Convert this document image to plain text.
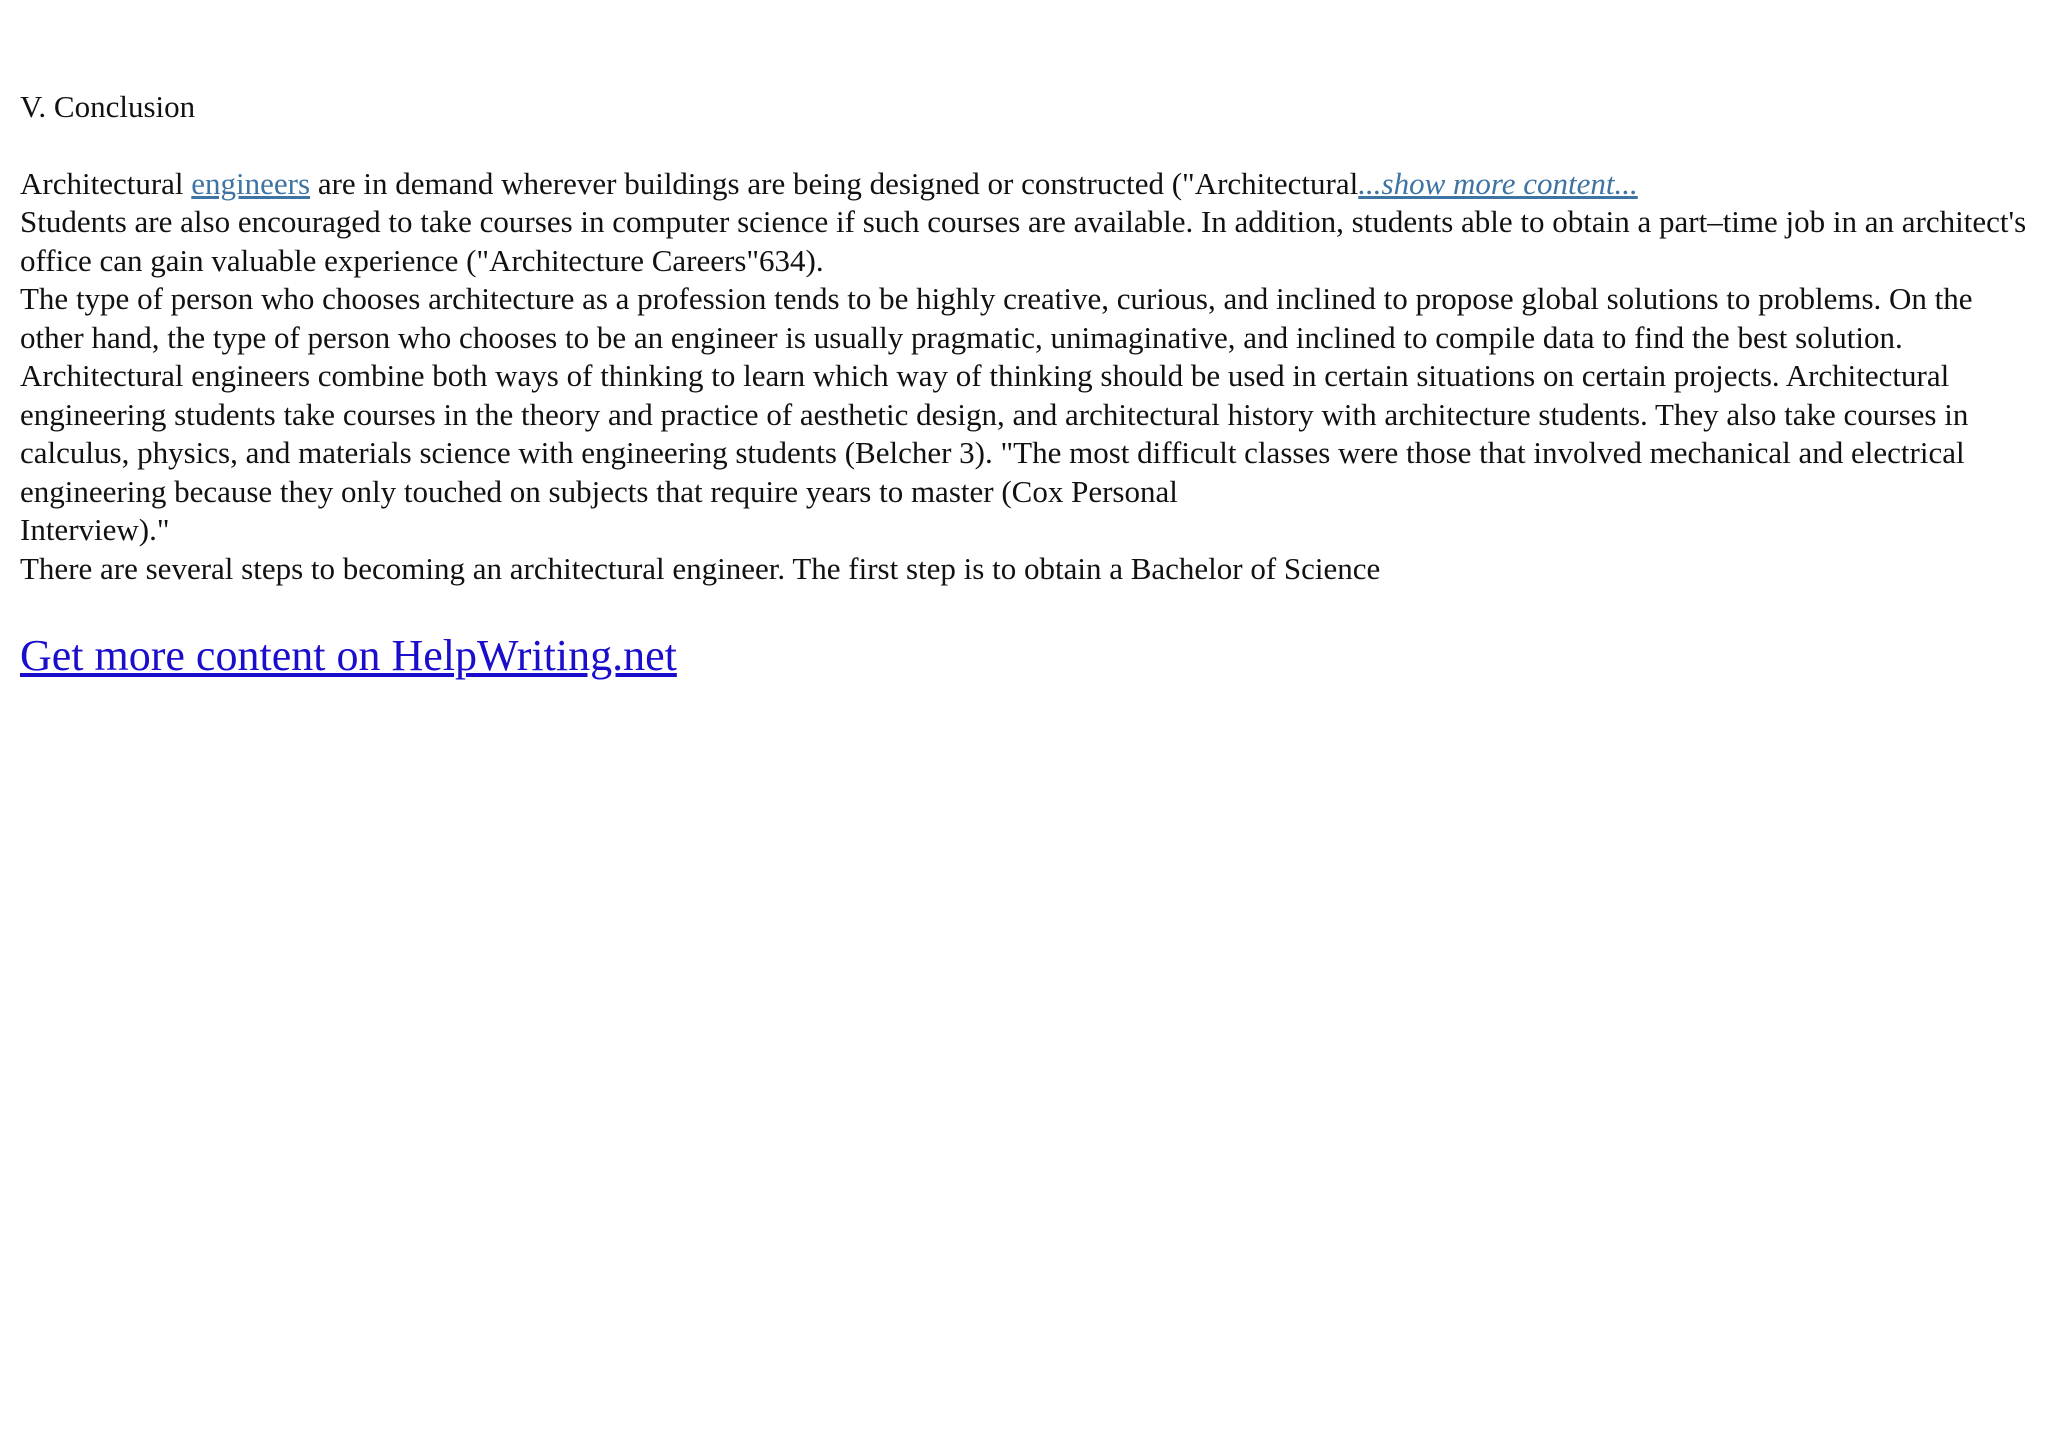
V. Conclusion
Architectural engineers are in demand wherever buildings are being designed or constructed ("Architectural...show more content...
Students are also encouraged to take courses in computer science if such courses are available. In addition, students able to obtain a part–time job in an architect's office can gain valuable experience ("Architecture Careers"634).
The type of person who chooses architecture as a profession tends to be highly creative, curious, and inclined to propose global solutions to problems. On the other hand, the type of person who chooses to be an engineer is usually pragmatic, unimaginative, and inclined to compile data to find the best solution. Architectural engineers combine both ways of thinking to learn which way of thinking should be used in certain situations on certain projects. Architectural engineering students take courses in the theory and practice of aesthetic design, and architectural history with architecture students. They also take courses in calculus, physics, and materials science with engineering students (Belcher 3). "The most difficult classes were those that involved mechanical and electrical engineering because they only touched on subjects that require years to master (Cox Personal
Interview)."
There are several steps to becoming an architectural engineer. The first step is to obtain a Bachelor of Science
Get more content on HelpWriting.net
